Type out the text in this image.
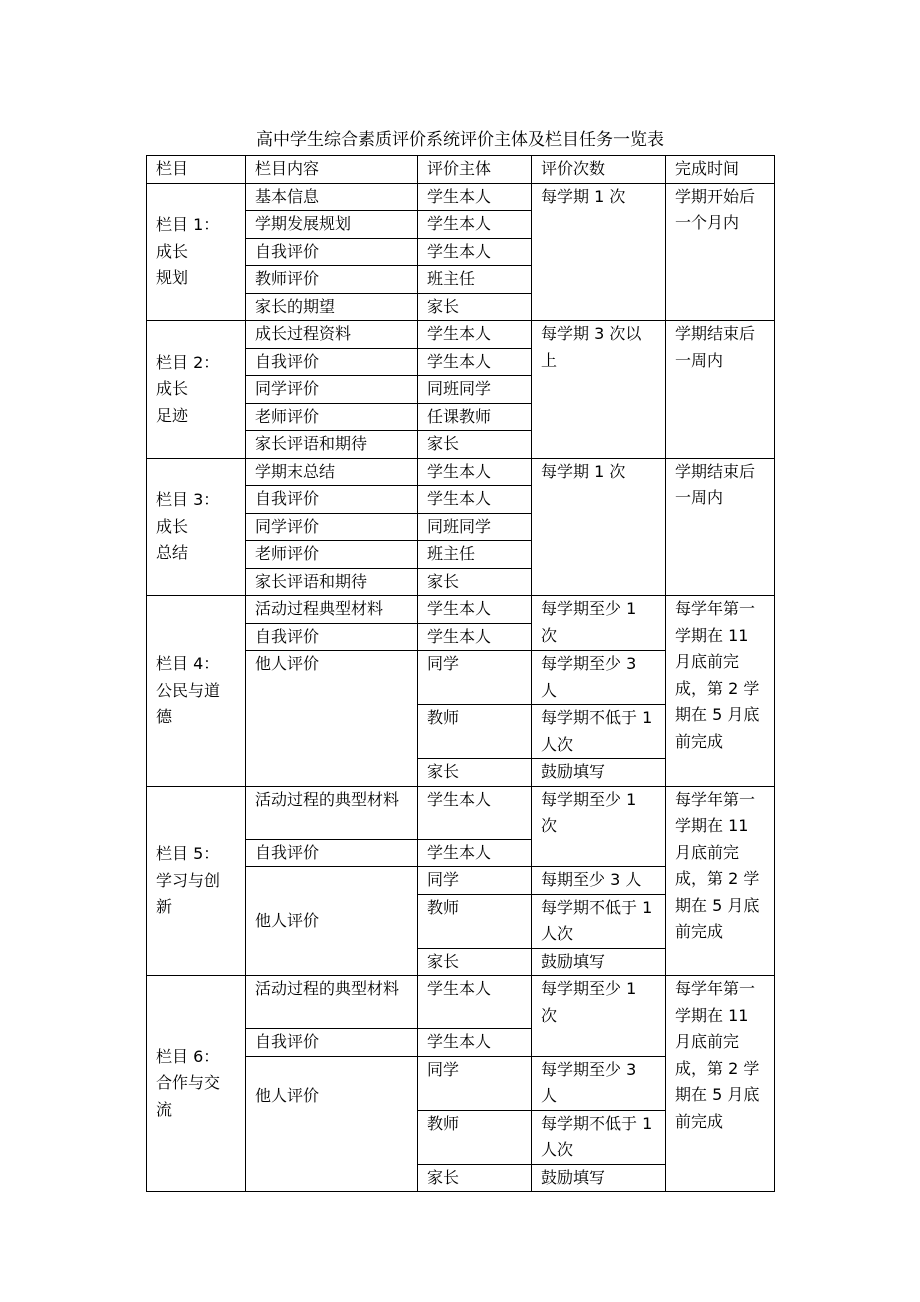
高中学生综合素质评价系统评价主体及栏目任务一览表
栏目	栏目内容	评价主体	评价次数	完成时间
栏目 1：
成长
规划	基本信息	学生本人	每学期 1 次	学期开始后一个月内
	学期发展规划	学生本人		
	自我评价	学生本人		
	教师评价	班主任		
	家长的期望	家长		
栏目 2：
成长
足迹	成长过程资料	学生本人	每学期 3 次以上	学期结束后一周内
	自我评价	学生本人		
	同学评价	同班同学		
	老师评价	任课教师		
	家长评语和期待	家长		
栏目 3：
成长
总结	学期末总结	学生本人	每学期 1 次	学期结束后一周内
	自我评价	学生本人		
	同学评价	同班同学		
	老师评价	班主任		
	家长评语和期待	家长		
栏目 4：
公民与道
德	活动过程典型材料	学生本人	每学期至少 1 次	每学年第一学期在 11 月底前完成，第 2 学期在 5 月底前完成
	自我评价	学生本人		
	他人评价	同学	每学期至少 3 人	
		教师	每学期不低于 1 人次	
		家长	鼓励填写	

栏目 5：
学习与创
新	活动过程的典型材料	学生本人	每学期至少 1 次	每学年第一学期在 11 月底前完成，第 2 学期在 5 月底前完成
	自我评价	学生本人		
	他人评价	同学	每期至少 3 人	
		教师	每学期不低于 1 人次	
		家长	鼓励填写	
栏目 6：
合作与交
流	活动过程的典型材料	学生本人	每学期至少 1 次	每学年第一学期在 11 月底前完成，第 2 学期在 5 月底前完成
	自我评价	学生本人		
	他人评价	同学	每学期至少 3 人	
		教师	每学期不低于 1 人次	
		家长	鼓励填写	
